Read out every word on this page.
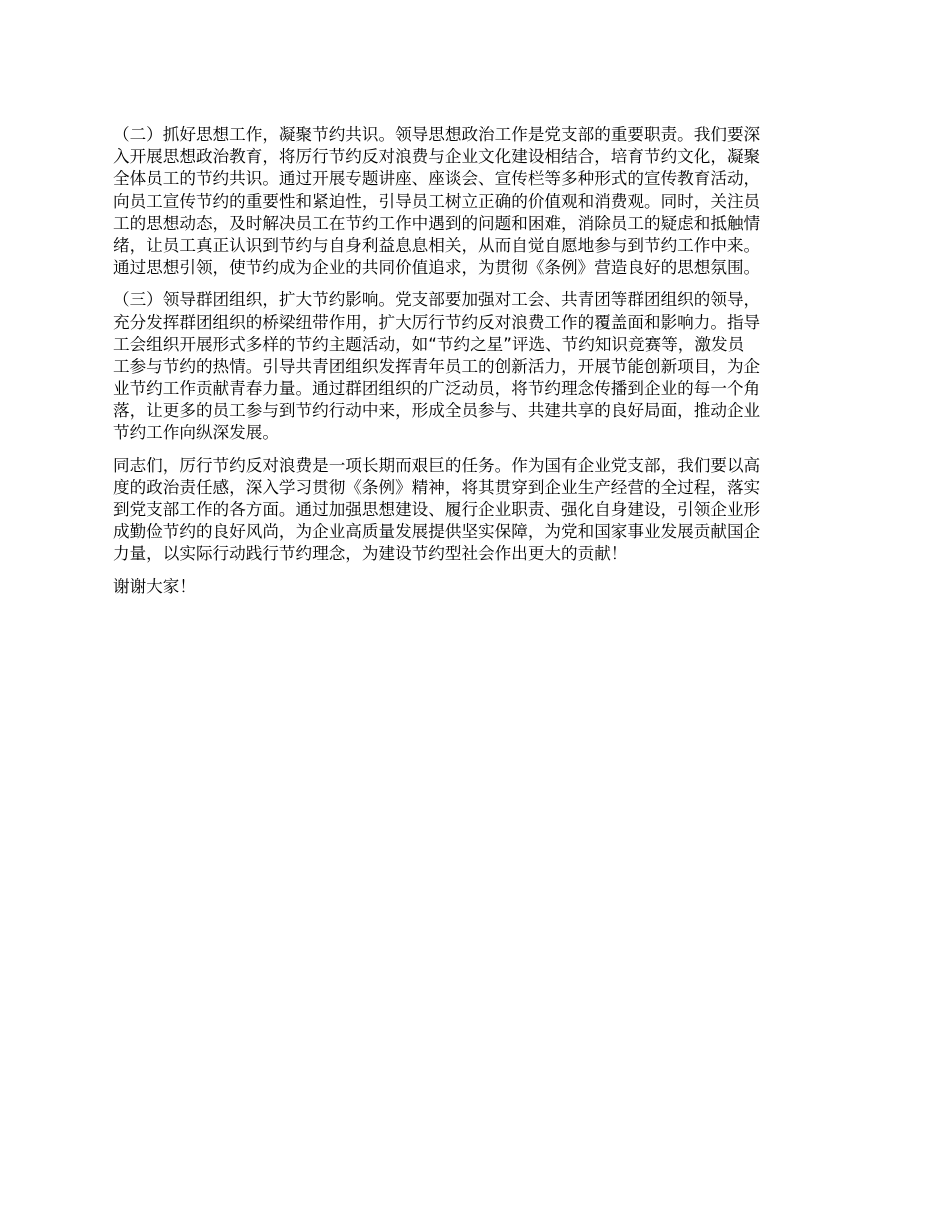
（二）抓好思想工作，凝聚节约共识。领导思想政治工作是党支部的重要职责。我们要深
入开展思想政治教育，将厉行节约反对浪费与企业文化建设相结合，培育节约文化，凝聚
全体员工的节约共识。通过开展专题讲座、座谈会、宣传栏等多种形式的宣传教育活动，
向员工宣传节约的重要性和紧迫性，引导员工树立正确的价值观和消费观。同时，关注员
工的思想动态，及时解决员工在节约工作中遇到的问题和困难，消除员工的疑虑和抵触情
绪，让员工真正认识到节约与自身利益息息相关，从而自觉自愿地参与到节约工作中来。
通过思想引领，使节约成为企业的共同价值追求，为贯彻《条例》营造良好的思想氛围。
（三）领导群团组织，扩大节约影响。党支部要加强对工会、共青团等群团组织的领导，
充分发挥群团组织的桥梁纽带作用，扩大厉行节约反对浪费工作的覆盖面和影响力。指导
工会组织开展形式多样的节约主题活动，如“节约之星”评选、节约知识竞赛等，激发员
工参与节约的热情。引导共青团组织发挥青年员工的创新活力，开展节能创新项目，为企
业节约工作贡献青春力量。通过群团组织的广泛动员，将节约理念传播到企业的每一个角
落，让更多的员工参与到节约行动中来，形成全员参与、共建共享的良好局面，推动企业
节约工作向纵深发展。
同志们，厉行节约反对浪费是一项长期而艰巨的任务。作为国有企业党支部，我们要以高
度的政治责任感，深入学习贯彻《条例》精神，将其贯穿到企业生产经营的全过程，落实
到党支部工作的各方面。通过加强思想建设、履行企业职责、强化自身建设，引领企业形
成勤俭节约的良好风尚，为企业高质量发展提供坚实保障，为党和国家事业发展贡献国企
力量，以实际行动践行节约理念，为建设节约型社会作出更大的贡献！
谢谢大家！
